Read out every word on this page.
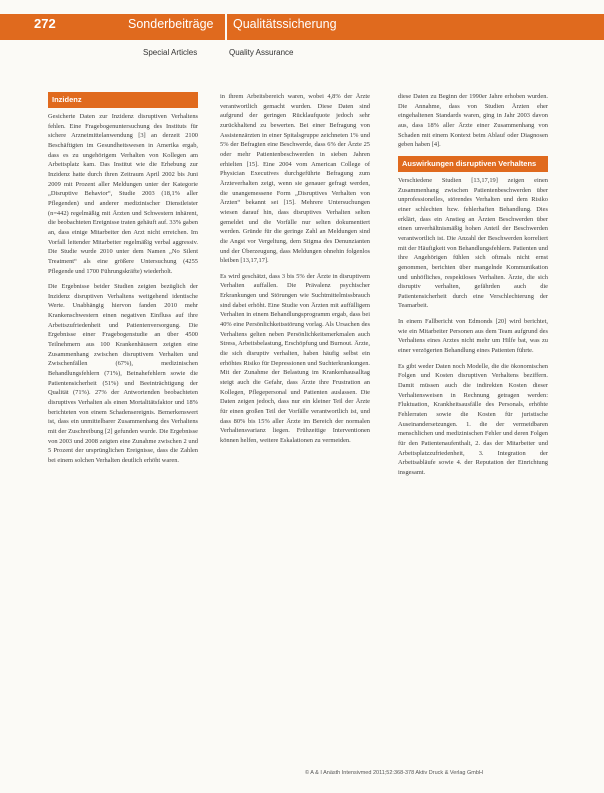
272	Sonderbeiträge Qualitätssicherung
Special Articles	Quality Assurance
Inzidenz

Gesicherte Daten zur Inzidenz disruptiven Verhaltens fehlen. Eine Fragebogenuntersuchung des Instituts für sichere Arzneimittelanwendung [3] an derzeit 2100 Beschäftigten im Gesundheitswesen in Amerika ergab, dass es zu ungehörigem Verhalten von Kollegen am Arbeitsplatz kam. Das Institut wie die Erhebung zur Inzidenz hatte durch ihren Zeitraum April 2002 bis Juni 2009 mit Prozent aller Meldungen unter der Kategorie „Disruptive Behavior“, Studie 2003 (18,1% aller Pflegenden) und anderer medizinischer Dienstleister (n=442) regelmäßig mit Ärzten und Schwestern inhärent, die beobachteten Ereignisse traten gehäuft auf. 33% gaben an, dass einige Mitarbeiter den Arzt nicht erreichen. Im Vorfall leitender Mitarbeiter regelmäßig verbal aggressiv. Die Studie wurde 2010 unter dem Namen „No Silent Treatment“ als eine größere Untersuchung (4255 Pflegende und 1700 Führungskräfte) wiederholt.

Die Ergebnisse beider Studien zeigten bezüglich der Inzidenz disruptiven Verhaltens weitgehend identische Werte. Unabhängig hiervon fanden 2010 mehr Krankenschwestern einen negativen Einfluss auf ihre Arbeitszufriedenheit und Patientenversorgung. Die Ergebnisse einer Fragebogenstudie an über 4500 Teilnehmern aus 100 Krankenhäusern zeigten eine Zusammenhang zwischen disruptivem Verhalten und Zwischenfällen (67%), medizinischen Behandlungsfehlern (71%), Beinahefehlern sowie die Patientensicherheit (51%) und Beeinträchtigung der Qualität (71%). 27% der Antwortenden beobachteten disruptives Verhalten als einen Mortalitätsfaktor und 18% berichteten von einem Schadensereignis. Bemerkenswert ist, dass ein unmittelbarer Zusammenhang des Verhaltens mit der Zuschreibung [2] gefunden wurde. Die Ergebnisse von 2003 und 2008 zeigten eine Zunahme zwischen 2 und 5 Prozent der ursprünglichen Ereignisse, dass die Zahlen bei einem solchen Verhalten deutlich erhöht waren.

in ihrem Arbeitsbereich waren, wobei 4,8% der Ärzte verantwortlich gemacht wurden. Diese Daten sind aufgrund der geringen Rücklaufquote jedoch sehr zurückhaltend zu bewerten. Bei einer Befragung von Assistenzärzten in einer Spitalsgruppe zeichneten 1% und 5% der Befragten eine Beschwerde, dass 6% der Ärzte 25 oder mehr Patientenbeschwerden in sieben Jahren erhielten [15]. Eine 2004 vom American College of Physician Executives durchgeführte Befragung zum Ärzteverhalten zeigt, wenn sie genauer gefragt werden, die unangemessene Form „Disruptives Verhalten von Ärzten“ bekannt sei [15]. Mehrere Untersuchungen wiesen darauf hin, dass disruptives Verhalten selten gemeldet und die Vorfälle nur selten dokumentiert werden. Gründe für die geringe Zahl an Meldungen sind die Angst vor Vergeltung, dem Stigma des Denunzianten und der Überzeugung, dass Meldungen ohnehin folgenlos bleiben [13,17,17].

Es wird geschätzt, dass 3 bis 5% der Ärzte in disruptivem Verhalten auffallen. Die Prävalenz psychischer Erkrankungen und Störungen wie Suchtmittelmissbrauch sind dabei erhöht. Eine Studie von Ärzten mit auffälligem Verhalten in einem Behandlungsprogramm ergab, dass bei 40% eine Persönlichkeitsstörung vorlag. Als Ursachen des Verhaltens gelten neben Persönlichkeitsmerkmalen auch Stress, Arbeitsbelastung, Erschöpfung und Burnout. Ärzte, die sich disruptiv verhalten, haben häufig selbst ein erhöhtes Risiko für Depressionen und Suchterkrankungen. Mit der Zunahme der Belastung im Krankenhausalltag steigt auch die Gefahr, dass Ärzte ihre Frustration an Kollegen, Pflegepersonal und Patienten auslassen. Die Daten zeigen jedoch, dass nur ein kleiner Teil der Ärzte für einen großen Teil der Vorfälle verantwortlich ist, und dass 80% bis 15% aller Ärzte im Bereich der normalen Verhaltensvarianz liegen. Frühzeitige Interventionen können helfen, weitere Eskalationen zu vermeiden.

diese Daten zu Beginn der 1990er Jahre erhoben wurden. Die Annahme, dass von Studien Ärzten eher eingehaltenen Standards waren, ging in Jahr 2003 davon aus, dass 18% aller Ärzte einer Zusammenhang von Schaden mit einem Kontext beim Ablauf oder Diagnosen geben haben [4].

Auswirkungen disruptiven Verhaltens

Verschiedene Studien [13,17,19] zeigen einen Zusammenhang zwischen Patientenbeschwerden über unprofessionelles, störendes Verhalten und dem Risiko einer schlechten bzw. fehlerhaften Behandlung. Dies erklärt, dass ein Anstieg an Ärzten Beschwerden über einen unverhältnismäßig hohen Anteil der Beschwerden verantwortlich ist. Die Anzahl der Beschwerden korreliert mit der Häufigkeit von Behandlungsfehlern. Patienten und ihre Angehörigen fühlen sich oftmals nicht ernst genommen, berichten über mangelnde Kommunikation und unhöfliches, respektloses Verhalten. Ärzte, die sich disruptiv verhalten, gefährden auch die Patientensicherheit durch eine Verschlechterung der Teamarbeit.

In einem Fallbericht von Edmonds [20] wird berichtet, wie ein Mitarbeiter Personen aus dem Team aufgrund des Verhaltens eines Arztes nicht mehr um Hilfe bat, was zu einer verzögerten Behandlung eines Patienten führte.

Es gibt weder Daten noch Modelle, die die ökonomischen Folgen und Kosten disruptiven Verhaltens beziffern. Damit müssen auch die indirekten Kosten dieser Verhaltensweisen in Rechnung getragen werden: Fluktuation, Krankheitsausfälle des Personals, erhöhte Fehlerraten sowie die Kosten für juristische Auseinandersetzungen. 1. die der vermeidbaren menschlichen und medizinischen Fehler und deren Folgen für den Patientenaufenthalt, 2. das der Mitarbeiter und Arbeitsplatzzufriedenheit, 3. Integration der Arbeitsabläufe sowie 4. der Reputation der Einrichtung insgesamt.

© A & I Anästh Intensivmed 2011;52:368-378 Aktiv Druck & Verlag GmbH
